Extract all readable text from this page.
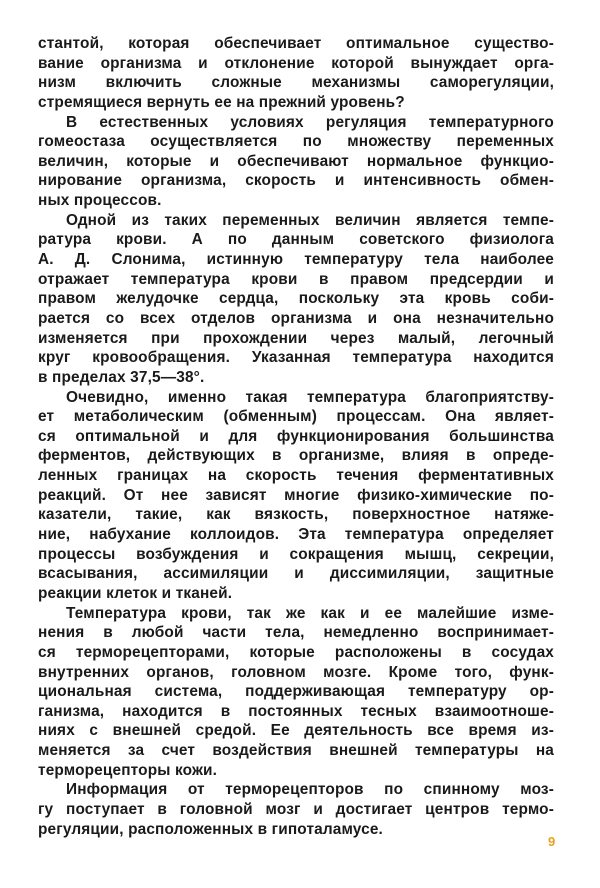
стантой, которая обеспечивает оптимальное существо-
вание организма и отклонение которой вынуждает орга-
низм включить сложные механизмы саморегуляции,
стремящиеся вернуть ее на прежний уровень?
В естественных условиях регуляция температурного
гомеостаза осуществляется по множеству переменных
величин, которые и обеспечивают нормальное функцио-
нирование организма, скорость и интенсивность обмен-
ных процессов.
Одной из таких переменных величин является темпе-
ратура крови. А по данным советского физиолога
А. Д. Слонима, истинную температуру тела наиболее
отражает температура крови в правом предсердии и
правом желудочке сердца, поскольку эта кровь соби-
рается со всех отделов организма и она незначительно
изменяется при прохождении через малый, легочный
круг кровообращения. Указанная температура находится
в пределах 37,5—38°.
Очевидно, именно такая температура благоприятству-
ет метаболическим (обменным) процессам. Она являет-
ся оптимальной и для функционирования большинства
ферментов, действующих в организме, влияя в опреде-
ленных границах на скорость течения ферментативных
реакций. От нее зависят многие физико-химические по-
казатели, такие, как вязкость, поверхностное натяже-
ние, набухание коллоидов. Эта температура определяет
процессы возбуждения и сокращения мышц, секреции,
всасывания, ассимиляции и диссимиляции, защитные
реакции клеток и тканей.
Температура крови, так же как и ее малейшие изме-
нения в любой части тела, немедленно воспринимает-
ся терморецепторами, которые расположены в сосудах
внутренних органов, головном мозге. Кроме того, функ-
циональная система, поддерживающая температуру ор-
ганизма, находится в постоянных тесных взаимоотноше-
ниях с внешней средой. Ее деятельность все время из-
меняется за счет воздействия внешней температуры на
терморецепторы кожи.
Информация от терморецепторов по спинному моз-
гу поступает в головной мозг и достигает центров термо-
регуляции, расположенных в гипоталамусе.
9
